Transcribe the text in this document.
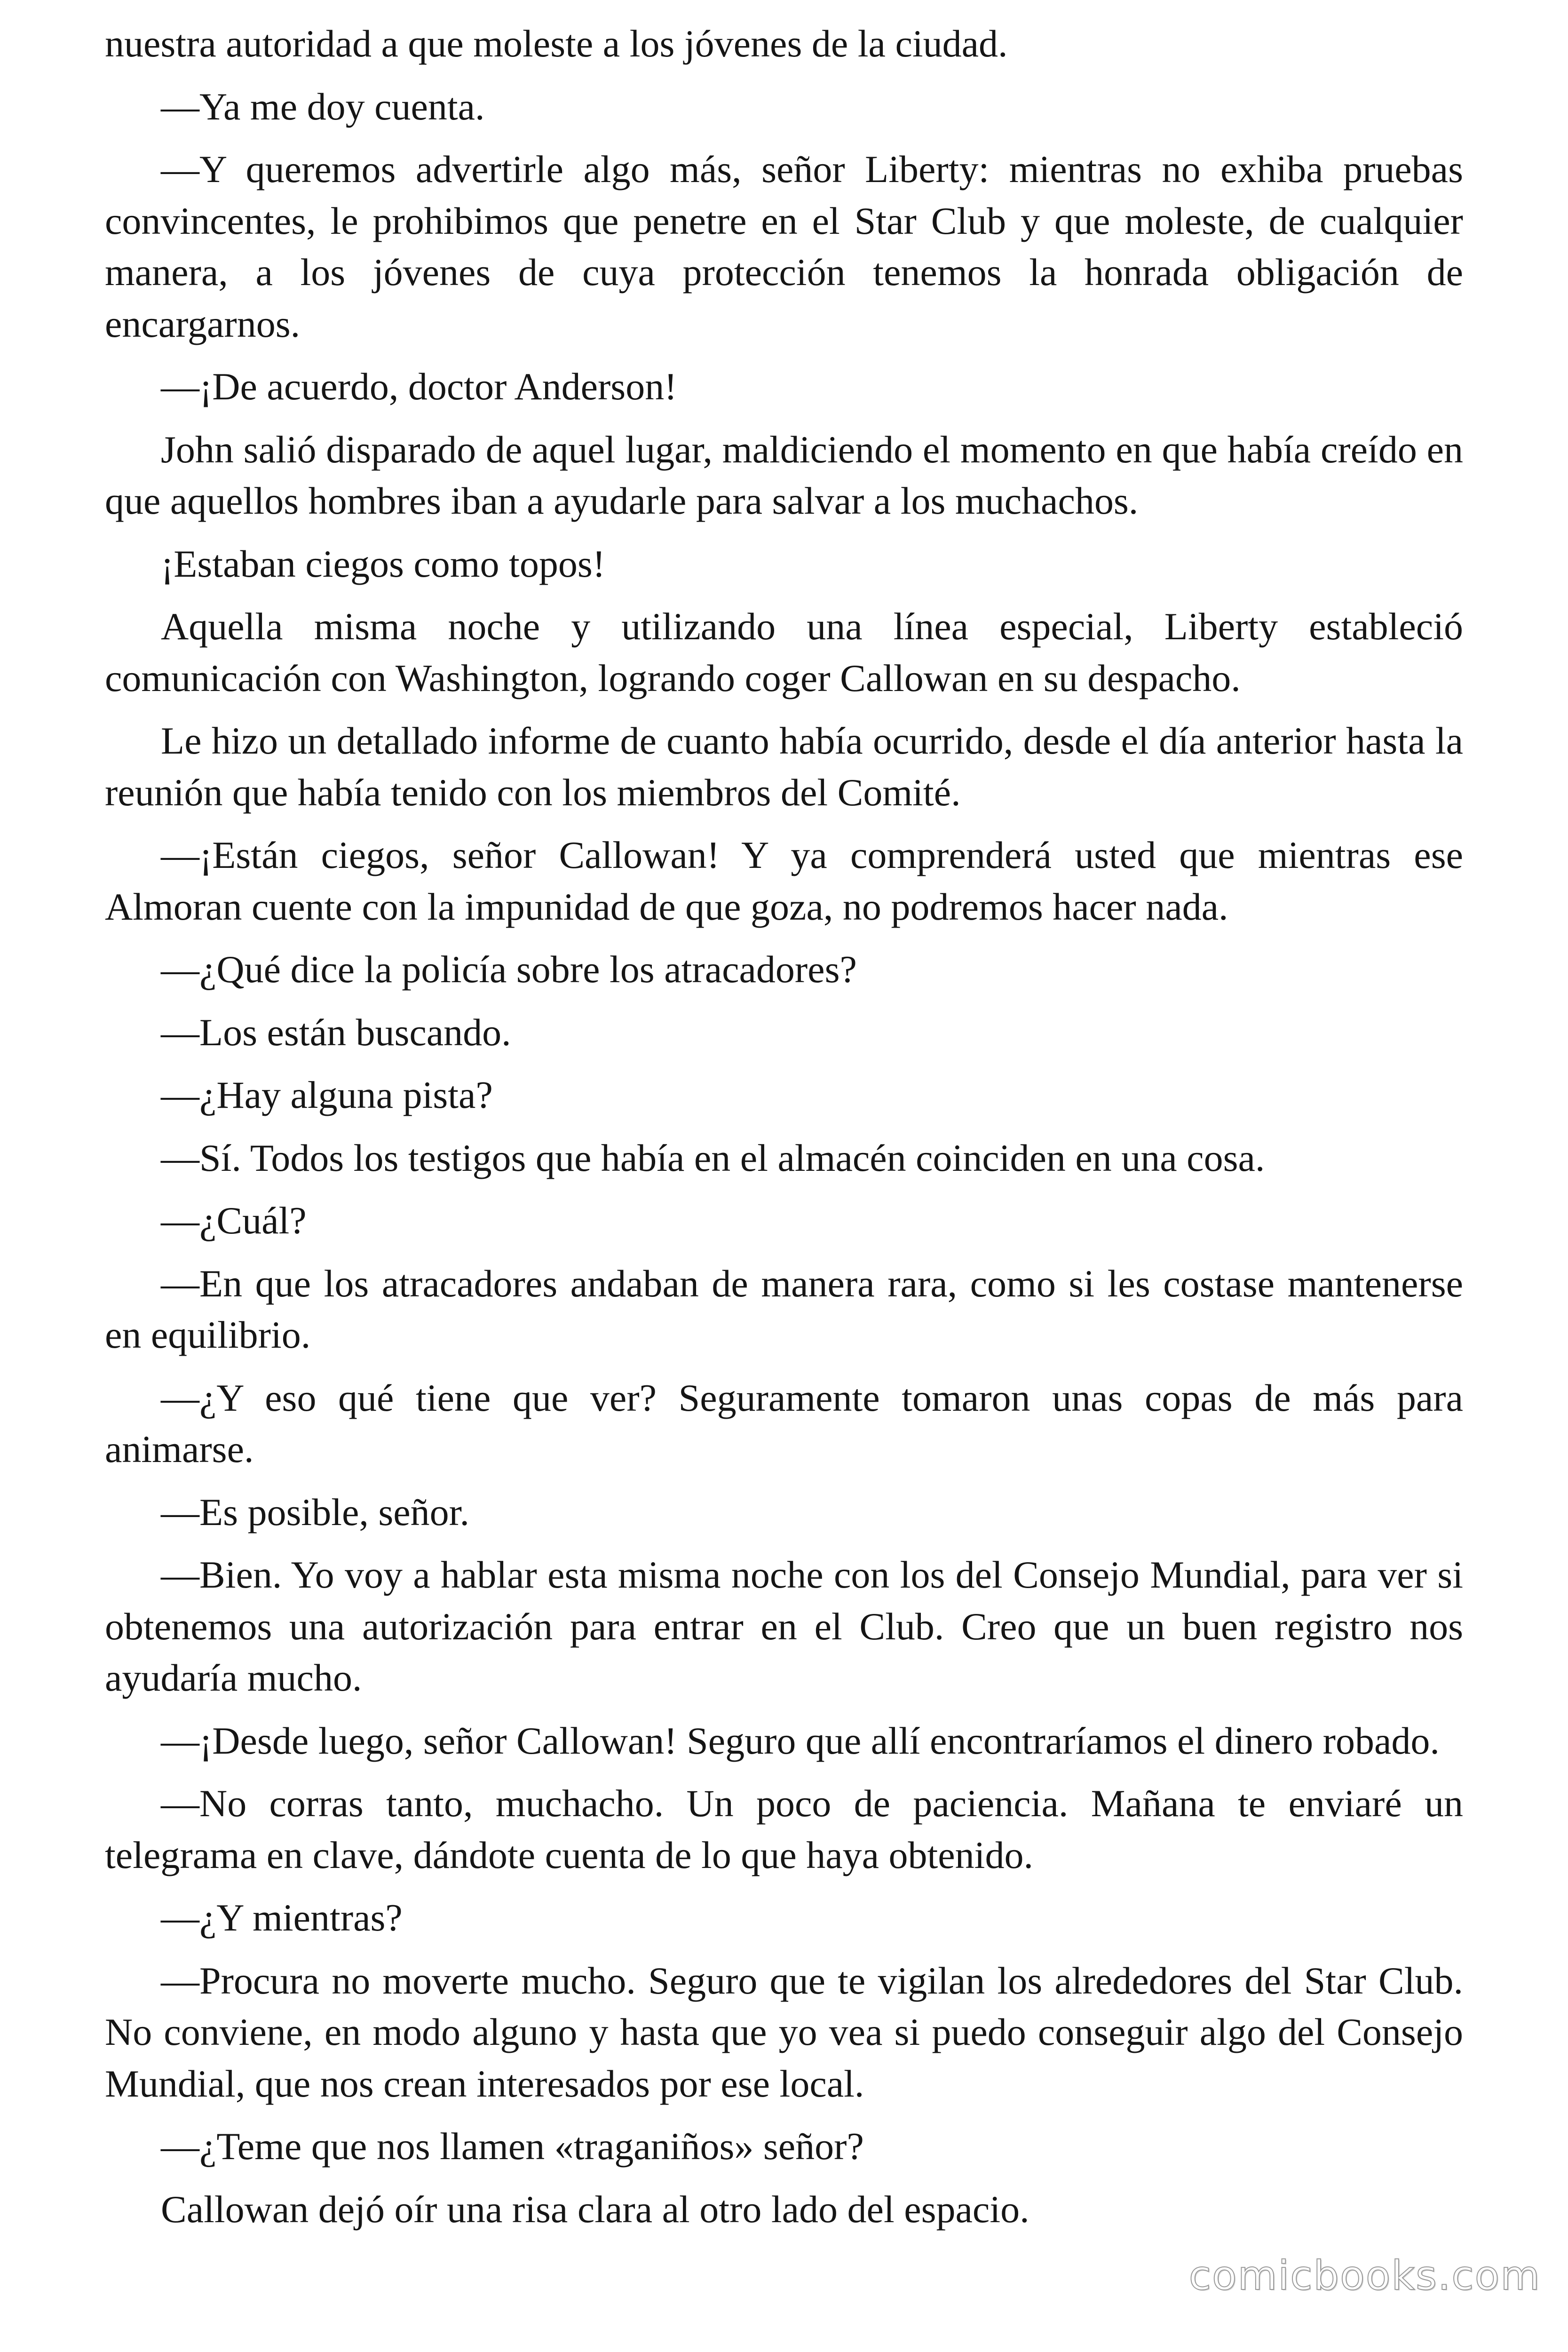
nuestra autoridad a que moleste a los jóvenes de la ciudad.

—Ya me doy cuenta.

—Y queremos advertirle algo más, señor Liberty: mientras no exhiba pruebas convincentes, le prohibimos que penetre en el Star Club y que moleste, de cualquier manera, a los jóvenes de cuya protección tenemos la honrada obligación de encargarnos.

—¡De acuerdo, doctor Anderson!

John salió disparado de aquel lugar, maldiciendo el momento en que había creído en que aquellos hombres iban a ayudarle para salvar a los muchachos.

¡Estaban ciegos como topos!

Aquella misma noche y utilizando una línea especial, Liberty estableció comunicación con Washington, logrando coger Callowan en su despacho.

Le hizo un detallado informe de cuanto había ocurrido, desde el día anterior hasta la reunión que había tenido con los miembros del Comité.

—¡Están ciegos, señor Callowan! Y ya comprenderá usted que mientras ese Almoran cuente con la impunidad de que goza, no podremos hacer nada.

—¿Qué dice la policía sobre los atracadores?

—Los están buscando.

—¿Hay alguna pista?

—Sí. Todos los testigos que había en el almacén coinciden en una cosa.

—¿Cuál?

—En que los atracadores andaban de manera rara, como si les costase mantenerse en equilibrio.

—¿Y eso qué tiene que ver? Seguramente tomaron unas copas de más para animarse.

—Es posible, señor.

—Bien. Yo voy a hablar esta misma noche con los del Consejo Mundial, para ver si obtenemos una autorización para entrar en el Club. Creo que un buen registro nos ayudaría mucho.

—¡Desde luego, señor Callowan! Seguro que allí encontraríamos el dinero robado.

—No corras tanto, muchacho. Un poco de paciencia. Mañana te enviaré un telegrama en clave, dándote cuenta de lo que haya obtenido.

—¿Y mientras?

—Procura no moverte mucho. Seguro que te vigilan los alrededores del Star Club. No conviene, en modo alguno y hasta que yo vea si puedo conseguir algo del Consejo Mundial, que nos crean interesados por ese local.

—¿Teme que nos llamen «traganiños» señor?

Callowan dejó oír una risa clara al otro lado del espacio.

comicbooks.com
